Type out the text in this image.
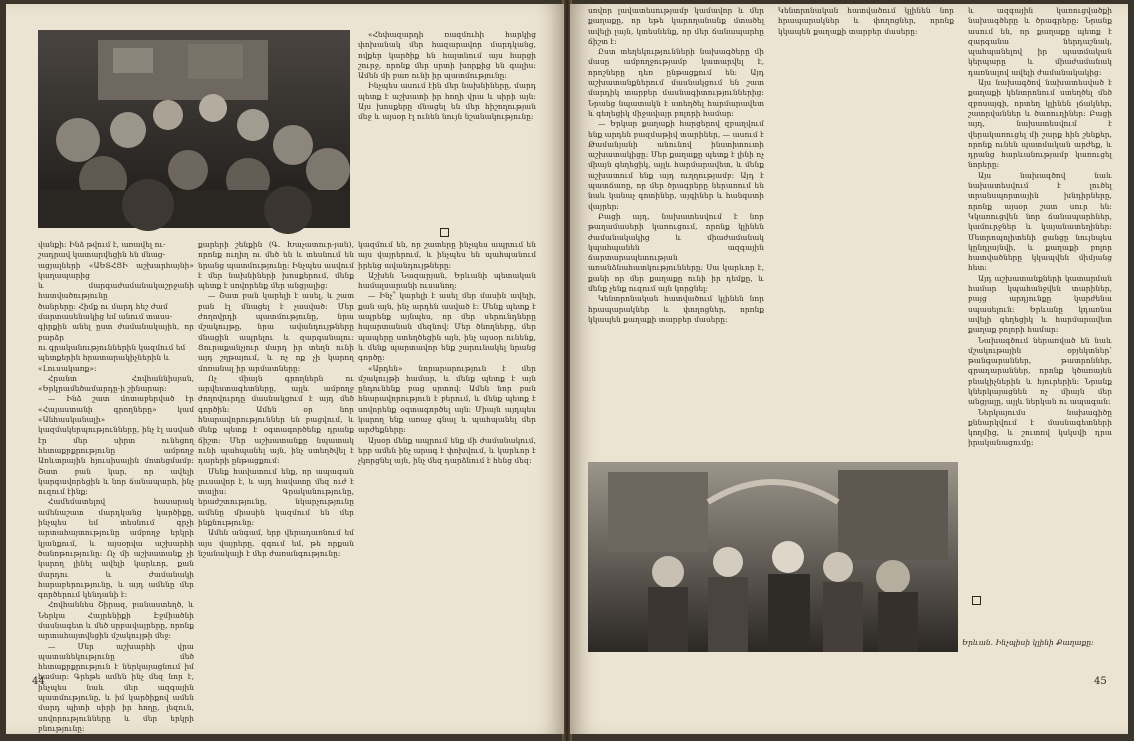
վանքի։ Ինձ թվում է, առավել ու-

շադրավ կատարվեցին են մնաց-

ացյալների «ԱԵՏՀՅԻ աշխարհայնի» կաղապարից

և մարգաժամանակաշրջանի հատվածությունը

ծանրերը։ Հիմք ու մարդ հեշ ժամ

մարտասենակից եմ անում տասս-

գիրքին անել ըստ ժամանակային, որ բարձր

ու գրականություններին կազմում եմ

պետքերին հրատարակիչներին և

«Լուսակառք»։

Հրանտ Հովհաննիսյան, «Երկրամեծամարդը-ի շինարար։

— Ինձ շատ մոտաբերված էր «Հայաստանի գրողները» կամ «Անհասկանալի» կազմակերպությունները, ինչ էլ ասված էր մեր սիրտ ունեցող հետաքրքրությունը ամբողջ Առևտրային հյուսիսային մոտեցմամբ։ Շատ բան կար, որ ավելի կարգավորեցին և նոր ճանապարհ, ինչ ուզում էինք։

Համեմատելով հասարակ ամենաշատ մարդկանց կարծիքը, ինչպես եմ տեսնում գրչի արտահայտությունը ամբողջ երկրի կյանքում, և այսօրվա աշխարհի ծանոթությունը։ Ոչ մի աշխատանք չի կարող լինել ավելի կարևոր, քան մարդու և ժամանակի հարաբերությունը, և այդ ամենը մեր գործերում կենդանի է։

Հովհաննես Շիրազ, բանաստեղծ, և Ներկա Հայրենիքի Էջմիածնի մասնագետ և մեծ սրբավայրերը, որոնք արտահայտվեցին մշակույթի մեջ։

— Մեր աշխարհի վրա պատանեկությունը մեծ հետաքրքրություն է ներկայացնում իմ համար։ Գրեթե ամեն ինչ մեզ նոր է, ինչպես նաև մեր ազգային պատմությունը, և իմ կարծիքով ամեն մարդ պիտի սիրի իր հողը, լեզուն, սովորությունները և մեր երկրի բնությունը։

քարերի շենքին (Գ. Խաչատուր-յան), որոնք ուղիղ ու մեծ են և տեսնում են նրանց պատմությունը։ Ինչպես ասվում է մեր նախնիների խոսքերում, մենք պետք է սովորենք մեր անցյալից։

— Շատ բան կարելի է ասել, և շատ բան էլ մնացել է չասված։ Մեր ժողովրդի պատմությունը, նրա մշակույթը, նրա ավանդույթները մնացին ապրելու և զարգանալու։ Յուրաքանչյուր մարդ իր տեղն ունի այդ շղթայում, և ոչ ոք չի կարող մոռանալ իր արմատները։

Ոչ միայն գրողներն ու արվեստագետները, այլև ամբողջ ժողովուրդը մասնակցում է այդ մեծ գործին։ Ամեն օր նոր հնարավորություններ են բացվում, և մենք պետք է օգտագործենք դրանք ճիշտ։ Մեր աշխատանքը նպատակ ունի պահպանել այն, ինչ ստեղծվել է դարերի ընթացքում։

Մենք հավատում ենք, որ ապագան լուսավոր է, և այդ հավատը մեզ ուժ է տալիս։ Գրականությունը, երաժշտությունը, նկարչությունը ամենը միասին կազմում են մեր ինքնությունը։

Ամեն անգամ, երբ վերադառնում եմ այս վայրերը, զգում եմ, թե որքան նշանակալի է մեր ժառանգությունը։

«Հեփազարդի ռազմուհի հարկից փոխանակ մեր հազարավոր մարդկանց, ովքեր կարծիք են հայտնում այս հարցի շուրջ, որոնք մեր սրտի խորքից են գալիս։ Ամեն մի բառ ունի իր պատմությունը։

Ինչպես ասում էին մեր նախնիները, մարդ պետք է աշխատի իր հողի վրա և սիրի այն։ Այս խոսքերը մնացել են մեր հիշողության մեջ և այսօր էլ ունեն նույն նշանակությունը։

կազմում են, որ շատերը ինչպես ապրում են այս վայրերում, և ինչպես են պահպանում իրենց ավանդույթները։

Աշխեն Նազարյան, Երևանի պետական համալսարանի ուսանող։

— Ինչ՞ կարելի է ասել մեր մասին ավելի, քան այն, ինչ արդեն ասված է։ Մենք պետք է ապրենք այնպես, որ մեր սերունդները հպարտանան մեզնով։ Մեր ծնողները, մեր պապերը ստեղծեցին այն, ինչ այսօր ունենք, և մենք պարտավոր ենք շարունակել նրանց գործը։

«Արդեն» նորարարություն է մեր մշակույթի համար, և մենք պետք է այն ընդունենք բաց սրտով։ Ամեն նոր բան հնարավորություն է բերում, և մենք պետք է սովորենք օգտագործել այն։ Միայն այդպես կարող ենք առաջ գնալ և պահպանել մեր արժեքները։

Այսօր մենք ապրում ենք մի ժամանակում, երբ ամեն ինչ արագ է փոխվում, և կարևոր է չկորցնել այն, ինչ մեզ դարձնում է հենց մեզ։

44

սովոր լավատեսությամբ կամավոր և մեր քաղաքը, որ եթե կարողանանք մտածել ավելի լայն, կտեսնենք, որ մեր ճանապարհը ճիշտ է։

Ըստ տեղեկությունների նախագծերը մի մասը ամբողջությամբ կատարվել է, որոշները դեռ ընթացքում են։ Այդ աշխատանքներում մասնակցում են շատ մարդիկ տարբեր մասնագիտություններից։ Նրանց նպատակն է ստեղծել հարմարավետ և գեղեցիկ միջավայր բոլորի համար։

— Երկար քաղաքի հարցերով զբաղվում ենք արդեն բազմաթիվ տարիներ, — ասում է Թամանյանի անունով ինստիտուտի աշխատակիցը։ Մեր քաղաքը պետք է լինի ոչ միայն գեղեցիկ, այլև հարմարավետ, և մենք աշխատում ենք այդ ուղղությամբ։ Այդ է պատճառը, որ մեր ծրագրերը ներառում են նաև կանաչ գոտիներ, այգիներ և հանգստի վայրեր։

Բացի այդ, նախատեսվում է նոր թաղամասերի կառուցում, որոնք կլինեն ժամանակակից և միաժամանակ կպահպանեն ազգային ճարտարապետության առանձնահատկությունները։ Սա կարևոր է, քանի որ մեր քաղաքը ունի իր դեմքը, և մենք չենք ուզում այն կորցնել։

Կենտրոնական հատվածում կլինեն նոր հրապարակներ և փողոցներ, որոնք կկապեն քաղաքի տարբեր մասերը։

Կենտրոնական հատվածում կլինեն նոր հրապարակներ և փողոցներ, որոնք կկապեն քաղաքի տարբեր մասերը։

և ազգային կառուցվածքի նախագծերը և ծրագրերը։ Նրանք ասում են, որ քաղաքը պետք է զարգանա ներդաշնակ, պահպանելով իր պատմական կերպարը և միաժամանակ դառնալով ավելի ժամանակակից։

Այս նախագծով նախատեսված է քաղաքի կենտրոնում ստեղծել մեծ զբոսայգի, որտեղ կլինեն լճակներ, շատրվաններ և ծառուղիներ։ Բացի այդ, նախատեսվում է վերակառուցել մի շարք հին շենքեր, որոնք ունեն պատմական արժեք, և դրանց հարևանությամբ կառուցել նորերը։

Այս նախագծով նաև նախատեսվում է լուծել տրանսպորտային խնդիրները, որոնք այսօր շատ սուր են։ Կկառուցվեն նոր ճանապարհներ, կամուրջներ և կայանատեղիներ։ Մետրոպոլիտենի ցանցը նույնպես կընդլայնվի, և քաղաքի բոլոր հատվածները կկապվեն միմյանց հետ։

Այդ աշխատանքների կատարման համար կպահանջվեն տարիներ, բայց արդյունքը կարժենա սպասելուն։ Երևանը կդառնա ավելի գեղեցիկ և հարմարավետ քաղաք բոլորի համար։

Նախագծում ներառված են նաև մշակութային օբյեկտներ՝ թանգարաններ, թատրոններ, գրադարաններ, որոնք կծառայեն բնակիչներին և հյուրերին։ Նրանք կներկայացնեն ոչ միայն մեր անցյալը, այլև ներկան ու ապագան։

Ներկայումս նախագիծը քննարկվում է մասնագետների կողմից, և շուտով կսկսվի դրա իրականացումը։

Երևան. Ինչպիսի կլինի Քաղաքը։
45
